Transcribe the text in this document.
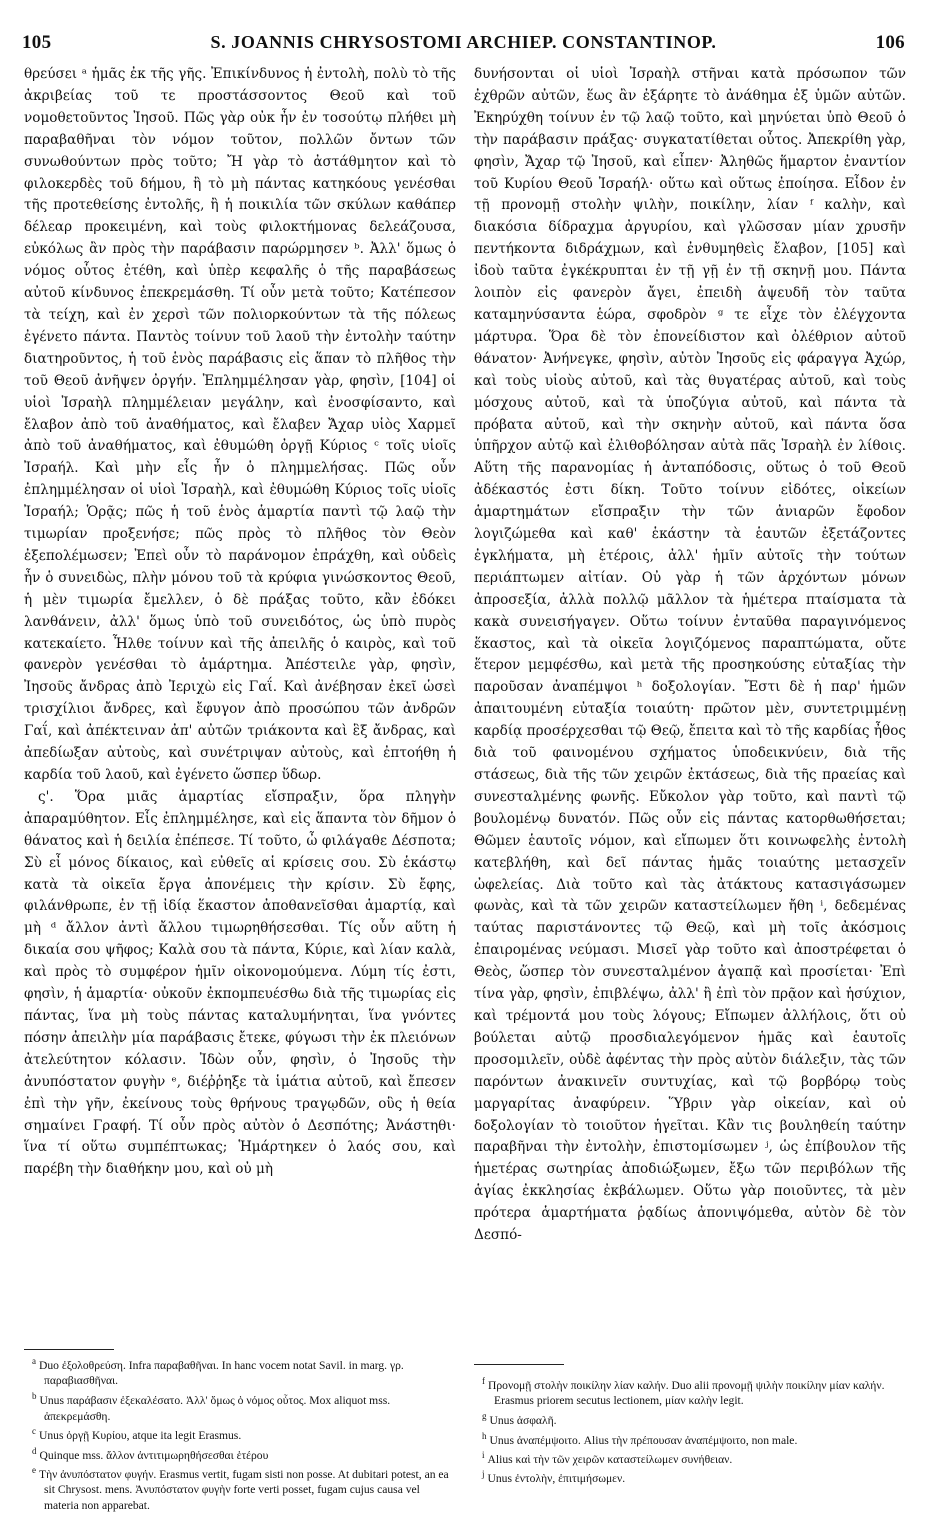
105	S. JOANNIS CHRYSOSTOMI ARCHIEP. CONSTANTINOP.	106

θρεύσει ᵃ ἡμᾶς ἐκ τῆς γῆς. Ἐπικίνδυνος ἡ ἐντολὴ, πολὺ τὸ τῆς ἀκριβείας τοῦ τε προστάσσοντος Θεοῦ καὶ τοῦ νομοθετοῦντος Ἰησοῦ. Πῶς γὰρ οὐκ ἦν ἐν τοσούτῳ πλήθει μὴ παραβαθῆναι τὸν νόμον τοῦτον, πολλῶν ὄντων τῶν συνωθούντων πρὸς τοῦτο; Ἤ γὰρ τὸ ἀστάθμητον καὶ τὸ φιλοκερδὲς τοῦ δήμου, ἢ τὸ μὴ πάντας κατηκόους γενέσθαι τῆς προτεθείσης ἐντολῆς, ἢ ἡ ποικιλία τῶν σκύλων καθάπερ δέλεαρ προκειμένη, καὶ τοὺς φιλοκτήμονας δελεάζουσα, εὐκόλως ἂν πρὸς τὴν παράβασιν παρώρμησεν ᵇ. Ἀλλ' ὅμως ὁ νόμος οὗτος ἐτέθη, καὶ ὑπὲρ κεφαλῆς ὁ τῆς παραβάσεως αὐτοῦ κίνδυνος ἐπεκρεμάσθη. Τί οὖν μετὰ τοῦτο; Κατέπεσον τὰ τείχη, καὶ ἐν χερσὶ τῶν πολιορκούντων τὰ τῆς πόλεως ἐγένετο πάντα. Παντὸς τοίνυν τοῦ λαοῦ τὴν ἐντολὴν ταύτην διατηροῦντος, ἡ τοῦ ἑνὸς παράβασις εἰς ἅπαν τὸ πλῆθος τὴν τοῦ Θεοῦ ἀνῆψεν ὀργήν. Ἐπλημμέλησαν γὰρ, φησὶν, [104] οἱ υἱοὶ Ἰσραὴλ πλημμέλειαν μεγάλην, καὶ ἐνοσφίσαντο, καὶ ἔλαβον ἀπὸ τοῦ ἀναθήματος, καὶ ἔλαβεν Ἄχαρ υἱὸς Χαρμεῖ ἀπὸ τοῦ ἀναθήματος, καὶ ἐθυμώθη ὀργῇ Κύριος ᶜ τοῖς υἱοῖς Ἰσραήλ. Καὶ μὴν εἷς ἦν ὁ πλημμελήσας. Πῶς οὖν ἐπλημμέλησαν οἱ υἱοὶ Ἰσραὴλ, καὶ ἐθυμώθη Κύριος τοῖς υἱοῖς Ἰσραήλ; Ὁρᾷς; πῶς ἡ τοῦ ἑνὸς ἁμαρτία παντὶ τῷ λαῷ τὴν τιμωρίαν προξενήσε; πῶς πρὸς τὸ πλῆθος τὸν Θεὸν ἐξεπολέμωσεν; Ἐπεὶ οὖν τὸ παράνομον ἐπράχθη, καὶ οὐδεὶς ἦν ὁ συνειδὼς, πλὴν μόνου τοῦ τὰ κρύφια γινώσκοντος Θεοῦ, ἡ μὲν τιμωρία ἔμελλεν, ὁ δὲ πράξας τοῦτο, κἂν ἐδόκει λανθάνειν, ἀλλ' ὅμως ὑπὸ τοῦ συνειδότος, ὡς ὑπὸ πυρὸς κατεκαίετο. Ἦλθε τοίνυν καὶ τῆς ἀπειλῆς ὁ καιρὸς, καὶ τοῦ φανερὸν γενέσθαι τὸ ἁμάρτημα. Ἀπέστειλε γὰρ, φησὶν, Ἰησοῦς ἄνδρας ἀπὸ Ἰεριχὼ εἰς Γαΐ. Καὶ ἀνέβησαν ἐκεῖ ὡσεὶ τρισχίλιοι ἄνδρες, καὶ ἔφυγον ἀπὸ προσώπου τῶν ἀνδρῶν Γαΐ, καὶ ἀπέκτειναν ἀπ' αὐτῶν τριάκοντα καὶ ἓξ ἄνδρας, καὶ ἀπεδίωξαν αὐτοὺς, καὶ συνέτριψαν αὐτοὺς, καὶ ἐπτοήθη ἡ καρδία τοῦ λαοῦ, καὶ ἐγένετο ὥσπερ ὕδωρ.

ς'. Ὅρα μιᾶς ἁμαρτίας εἴσπραξιν, ὅρα πληγὴν ἀπαραμύθητον. Εἷς ἐπλημμέλησε, καὶ εἰς ἅπαντα τὸν δῆμον ὁ θάνατος καὶ ἡ δειλία ἐπέπεσε. Τί τοῦτο, ὦ φιλάγαθε Δέσποτα; Σὺ εἶ μόνος δίκαιος, καὶ εὐθεῖς αἱ κρίσεις σου. Σὺ ἑκάστῳ κατὰ τὰ οἰκεῖα ἔργα ἀπονέμεις τὴν κρίσιν. Σὺ ἔφης, φιλάνθρωπε, ἐν τῇ ἰδίᾳ ἕκαστον ἀποθανεῖσθαι ἁμαρτίᾳ, καὶ μὴ ᵈ ἄλλον ἀντὶ ἄλλου τιμωρηθήσεσθαι. Τίς οὖν αὕτη ἡ δικαία σου ψῆφος; Καλὰ σου τὰ πάντα, Κύριε, καὶ λίαν καλὰ, καὶ πρὸς τὸ συμφέρον ἡμῖν οἰκονομούμενα. Λύμη τίς ἐστι, φησὶν, ἡ ἁμαρτία· οὐκοῦν ἐκπομπευέσθω διὰ τῆς τιμωρίας εἰς πάντας, ἵνα μὴ τοὺς πάντας καταλυμήνηται, ἵνα γνόντες πόσην ἀπειλὴν μία παράβασις ἔτεκε, φύγωσι τὴν ἐκ πλειόνων ἀτελεύτητον κόλασιν. Ἰδὼν οὖν, φησὶν, ὁ Ἰησοῦς τὴν ἀνυπόστατον φυγὴν ᵉ, διέῤῥηξε τὰ ἱμάτια αὐτοῦ, καὶ ἔπεσεν ἐπὶ τὴν γῆν, ἐκείνους τοὺς θρήνους τραγῳδῶν, οὓς ἡ θεία σημαίνει Γραφή. Τί οὖν πρὸς αὐτὸν ὁ Δεσπότης; Ἀνάστηθι· ἵνα τί οὕτω συμπέπτωκας; Ἡμάρτηκεν ὁ λαός σου, καὶ παρέβη τὴν διαθήκην μου, καὶ οὐ μὴ

δυνήσονται οἱ υἱοὶ Ἰσραὴλ στῆναι κατὰ πρόσωπον τῶν ἐχθρῶν αὐτῶν, ἕως ἂν ἐξάρητε τὸ ἀνάθημα ἐξ ὑμῶν αὐτῶν. Ἐκηρύχθη τοίνυν ἐν τῷ λαῷ τοῦτο, καὶ μηνύεται ὑπὸ Θεοῦ ὁ τὴν παράβασιν πράξας· συγκατατίθεται οὗτος. Ἀπεκρίθη γὰρ, φησὶν, Ἄχαρ τῷ Ἰησοῦ, καὶ εἶπεν· Ἀληθῶς ἥμαρτον ἐναντίον τοῦ Κυρίου Θεοῦ Ἰσραήλ· οὕτω καὶ οὕτως ἐποίησα. Εἶδον ἐν τῇ προνομῇ στολὴν ψιλὴν, ποικίλην, λίαν ᶠ καλὴν, καὶ διακόσια δίδραχμα ἀργυρίου, καὶ γλῶσσαν μίαν χρυσῆν πεντήκοντα διδράχμων, καὶ ἐνθυμηθεὶς ἔλαβον, [105] καὶ ἰδοὺ ταῦτα ἐγκέκρυπται ἐν τῇ γῇ ἐν τῇ σκηνῇ μου. Πάντα λοιπὸν εἰς φανερὸν ἄγει, ἐπειδὴ ἀψευδῆ τὸν ταῦτα καταμηνύσαντα ἑώρα, σφοδρὸν ᵍ τε εἶχε τὸν ἐλέγχοντα μάρτυρα. Ὅρα δὲ τὸν ἐπονείδιστον καὶ ὀλέθριον αὐτοῦ θάνατον· Ἀνήνεγκε, φησὶν, αὐτὸν Ἰησοῦς εἰς φάραγγα Ἀχώρ, καὶ τοὺς υἱοὺς αὐτοῦ, καὶ τὰς θυγατέρας αὐτοῦ, καὶ τοὺς μόσχους αὐτοῦ, καὶ τὰ ὑποζύγια αὐτοῦ, καὶ πάντα τὰ πρόβατα αὐτοῦ, καὶ τὴν σκηνὴν αὐτοῦ, καὶ πάντα ὅσα ὑπῆρχον αὐτῷ καὶ ἐλιθοβόλησαν αὐτὰ πᾶς Ἰσραὴλ ἐν λίθοις. Αὕτη τῆς παρανομίας ἡ ἀνταπόδοσις, οὕτως ὁ τοῦ Θεοῦ ἀδέκαστός ἐστι δίκη. Τοῦτο τοίνυν εἰδότες, οἰκείων ἁμαρτημάτων εἴσπραξιν τὴν τῶν ἀνιαρῶν ἔφοδον λογιζώμεθα καὶ καθ' ἑκάστην τὰ ἑαυτῶν ἐξετάζοντες ἐγκλήματα, μὴ ἑτέροις, ἀλλ' ἡμῖν αὐτοῖς τὴν τούτων περιάπτωμεν αἰτίαν. Οὐ γὰρ ἡ τῶν ἀρχόντων μόνων ἀπροσεξία, ἀλλὰ πολλῷ μᾶλλον τὰ ἡμέτερα πταίσματα τὰ κακὰ συνεισήγαγεν. Οὕτω τοίνυν ἐνταῦθα παραγινόμενος ἕκαστος, καὶ τὰ οἰκεῖα λογιζόμενος παραπτώματα, οὔτε ἕτερον μεμφέσθω, καὶ μετὰ τῆς προσηκούσης εὐταξίας τὴν παροῦσαν ἀναπέμψοι ʰ δοξολογίαν. Ἔστι δὲ ἡ παρ' ἡμῶν ἀπαιτουμένη εὐταξία τοιαύτη· πρῶτον μὲν, συντετριμμένῃ καρδίᾳ προσέρχεσθαι τῷ Θεῷ, ἔπειτα καὶ τὸ τῆς καρδίας ἦθος διὰ τοῦ φαινομένου σχήματος ὑποδεικνύειν, διὰ τῆς στάσεως, διὰ τῆς τῶν χειρῶν ἐκτάσεως, διὰ τῆς πραείας καὶ συνεσταλμένης φωνῆς. Εὔκολον γὰρ τοῦτο, καὶ παντὶ τῷ βουλομένῳ δυνατόν. Πῶς οὖν εἰς πάντας κατορθωθήσεται; Θῶμεν ἑαυτοῖς νόμον, καὶ εἴπωμεν ὅτι κοινωφελὴς ἐντολὴ κατεβλήθη, καὶ δεῖ πάντας ἡμᾶς τοιαύτης μετασχεῖν ὠφελείας. Διὰ τοῦτο καὶ τὰς ἀτάκτους κατασιγάσωμεν φωνὰς, καὶ τὰ τῶν χειρῶν καταστείλωμεν ἤθη ⁱ, δεδεμένας ταύτας παριστάνοντες τῷ Θεῷ, καὶ μὴ τοῖς ἀκόσμοις ἐπαιρομένας νεύμασι. Μισεῖ γὰρ τοῦτο καὶ ἀποστρέφεται ὁ Θεὸς, ὥσπερ τὸν συνεσταλμένον ἀγαπᾷ καὶ προσίεται· Ἐπὶ τίνα γὰρ, φησὶν, ἐπιβλέψω, ἀλλ' ἢ ἐπὶ τὸν πρᾷον καὶ ἡσύχιον, καὶ τρέμοντά μου τοὺς λόγους; Εἴπωμεν ἀλλήλοις, ὅτι οὐ βούλεται αὐτῷ προσδιαλεγόμενον ἡμᾶς καὶ ἑαυτοῖς προσομιλεῖν, οὐδὲ ἀφέντας τὴν πρὸς αὐτὸν διάλεξιν, τὰς τῶν παρόντων ἀνακινεῖν συντυχίας, καὶ τῷ βορβόρῳ τοὺς μαργαρίτας ἀναφύρειν. Ὕβριν γὰρ οἰκείαν, καὶ οὐ δοξολογίαν τὸ τοιοῦτον ἡγεῖται. Κἂν τις βουληθείη ταύτην παραβῆναι τὴν ἐντολὴν, ἐπιστομίσωμεν ʲ, ὡς ἐπίβουλον τῆς ἡμετέρας σωτηρίας ἀποδιώξωμεν, ἔξω τῶν περιβόλων τῆς ἁγίας ἐκκλησίας ἐκβάλωμεν. Οὕτω γὰρ ποιοῦντες, τὰ μὲν πρότερα ἁμαρτήματα ῥᾳδίως ἀπονιψόμεθα, αὐτὸν δὲ τὸν Δεσπό-

$^a$ Duo ἐξολοθρεύση. Infra παραβαθῆναι. In hanc vocem notat Savil. in marg. γρ. παραβιασθῆναι.

$^b$ Unus παράβασιν ἐξεκαλέσατο. Ἀλλ' ὅμως ὁ νόμος οὗτος. Mox aliquot mss. ἀπεκρεμάσθη.

$^c$ Unus ὀργῇ Κυρίου, atque ita legit Erasmus.

$^d$ Quinque mss. ἄλλον ἀντιτιμωρηθήσεσθαι ἑτέρου

$^e$ Τὴν ἀνυπόστατον φυγήν. Erasmus vertit, fugam sisti non posse. At dubitari potest, an ea sit Chrysost. mens. Ἀνυπόστατον φυγὴν forte verti posset, fugam cujus causa vel materia non apparebat.

$^f$ Προνομῇ στολὴν ποικίλην λίαν καλήν. Duo alii προνομῇ ψιλὴν ποικίλην μίαν καλήν. Erasmus priorem secutus lectionem, μίαν καλὴν legit.

$^g$ Unus ἀσφαλῆ.

$^h$ Unus ἀναπέμψοιτο. Alius τὴν πρέπουσαν ἀναπέμψοιτο, non male.

$^i$ Alius καὶ τὴν τῶν χειρῶν καταστείλωμεν συνήθειαν.

$^j$ Unus ἐντολὴν, ἐπιτιμήσωμεν.
